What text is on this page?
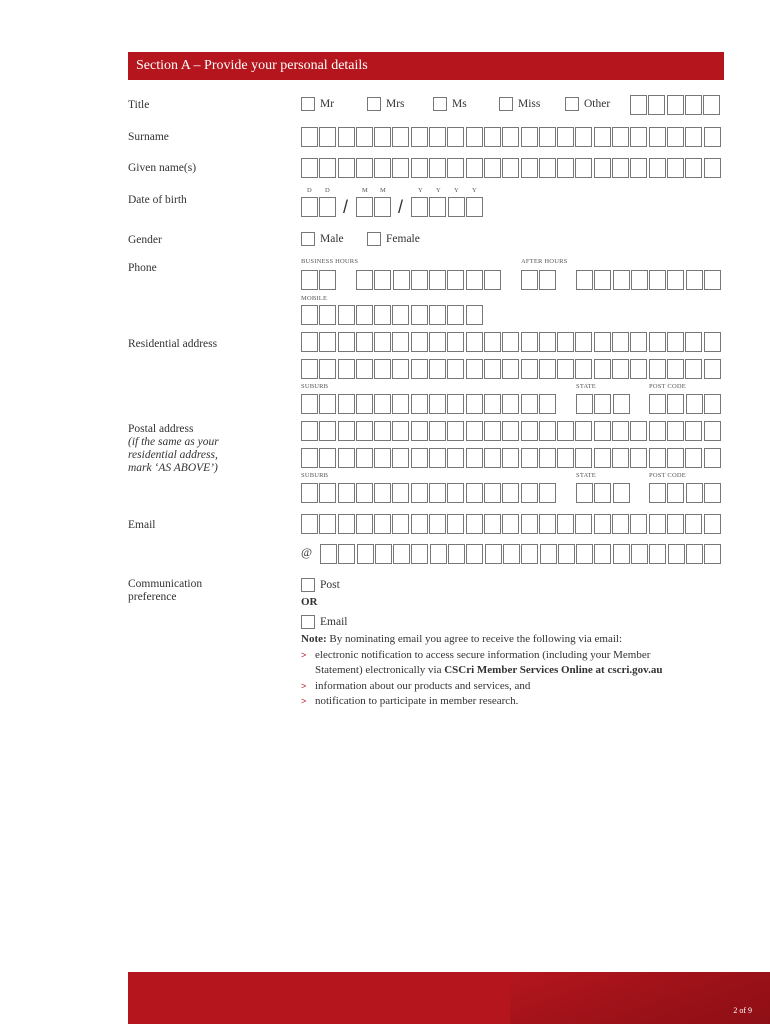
Section A – Provide your personal details
Title	Mr	Mrs	Ms	Miss	Other
Surname
Given name(s)
Date of birth
D D	M M	Y Y Y Y
/	/
Gender	Male	Female
Phone
BUSINESS HOURS	AFTER HOURS
MOBILE
Residential address
SUBURB	STATE	POST CODE
Postal address
(if the same as your
residential address,
mark ‘AS ABOVE’)
SUBURB	STATE	POST CODE
Email
@
Communication
preference
Post
OR
Email
Note: By nominating email you agree to receive the following via email:
> electronic notification to access secure information (including your Member
Statement) electronically via CSCri Member Services Online at cscri.gov.au
> information about our products and services, and
> notification to participate in member research.
2 of 9
